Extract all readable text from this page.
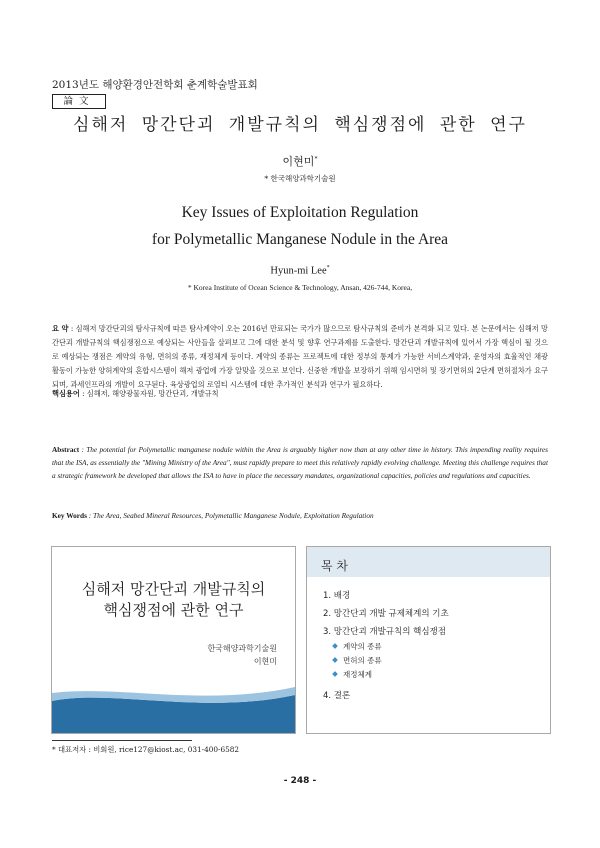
2013년도 해양환경안전학회 춘계학술발표회
論文
심해저 망간단괴 개발규칙의 핵심쟁점에 관한 연구
이현미*
* 한국해양과학기술원
Key Issues of Exploitation Regulation
for Polymetallic Manganese Nodule in the Area
Hyun-mi Lee*
* Korea Institute of Ocean Science & Technology, Ansan, 426-744, Korea,
요 약 : 심해저 망간단괴의 탐사규칙에 따른 탐사계약이 오는 2016년 만료되는 국가가 많으므로 탐사규칙의 준비가 본격화 되고 있다. 본 논문에서는 심해저 망간단괴 개발규칙의 핵심쟁점으로 예상되는 사안들을 살펴보고 그에 대한 분석 및 향후 연구과제를 도출한다. 망간단괴 개발규칙에 있어서 가장 핵심이 될 것으로 예상되는 쟁점은 계약의 유형, 면허의 종류, 재정체계 등이다. 계약의 종류는 프로젝트에 대한 정부의 통제가 가능한 서비스계약과, 운영자의 효율적인 채광활동이 가능한 양허계약의 혼합시스템이 해저 광업에 가장 알맞을 것으로 보인다. 신중한 개발을 보장하기 위해 임시면허 및 장기면허의 2단계 면허절차가 요구되며, 과세인프라의 개발이 요구된다. 육상광업의 로열티 시스템에 대한 추가적인 분석과 연구가 필요하다.
핵심용어 : 심해저, 해양광물자원, 망간단괴, 개발규칙
Abstract : The potential for Polymetallic manganese nodule within the Area is arguably higher now than at any other time in history. This impending reality requires that the ISA, as essentially the "Mining Ministry of the Area", must rapidly prepare to meet this relatively rapidly evolving challenge. Meeting this challenge requires that a strategic framework be developed that allows the ISA to have in place the necessary mandates, organizational capacities, policies and regulations and capacities.
Key Words : The Area, Seabed Mineral Resources, Polymetallic Manganese Nodule, Exploitation Regulation
심해저 망간단괴 개발규칙의
핵심쟁점에 관한 연구
한국해양과학기술원
이현미
목 차
1. 배경
2. 망간단괴 개발 규제체계의 기초
3. 망간단괴 개발규칙의 핵심쟁점
계약의 종류
면허의 종류
재정체계
4. 결론
* 대표저자 : 비회원, rice127@kiost.ac, 031-400-6582
- 248 -
